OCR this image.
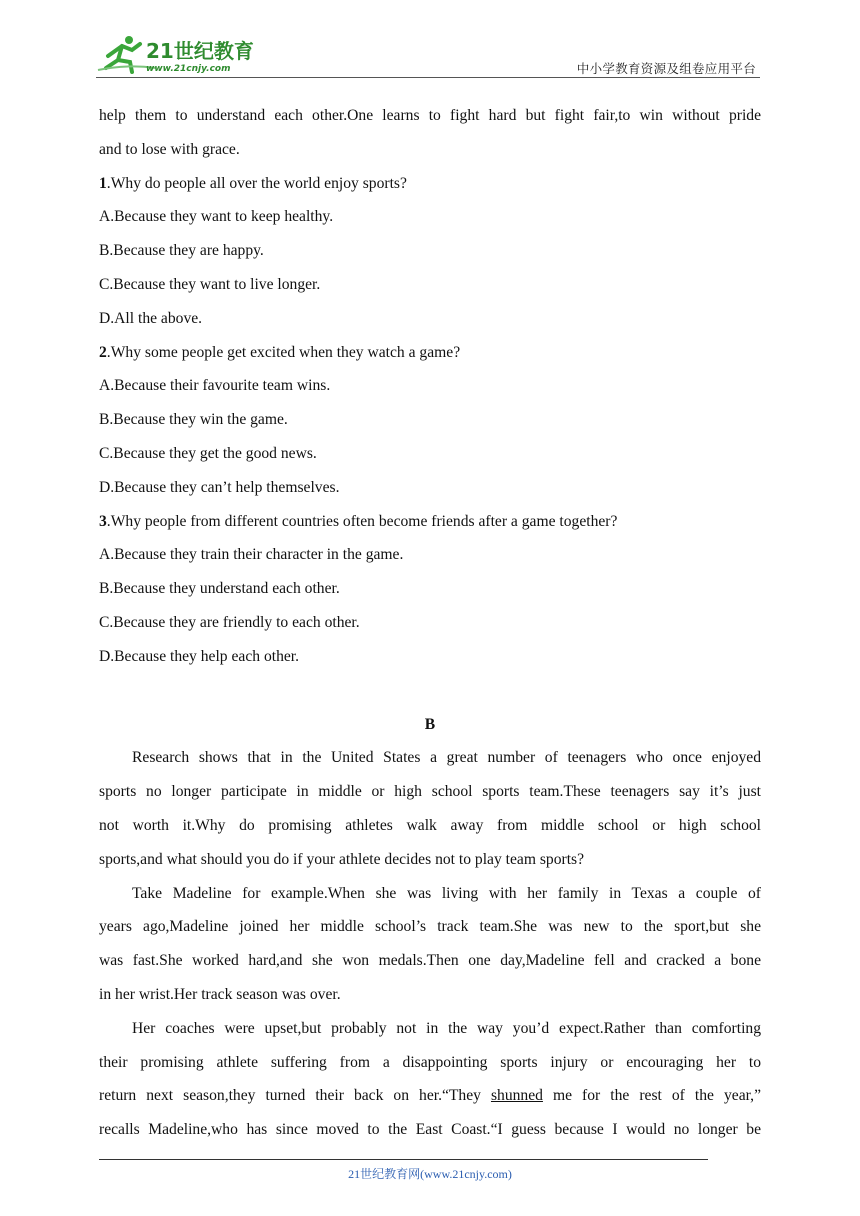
21世纪教育
www.21cnjy.com	中小学教育资源及组卷应用平台
help them to understand each other.One learns to fight hard but fight fair,to win without pride
and to lose with grace.
1.Why do people all over the world enjoy sports?
A.Because they want to keep healthy.
B.Because they are happy.
C.Because they want to live longer.
D.All the above.
2.Why some people get excited when they watch a game?
A.Because their favourite team wins.
B.Because they win the game.
C.Because they get the good news.
D.Because they can’t help themselves.
3.Why people from different countries often become friends after a game together?
A.Because they train their character in the game.
B.Because they understand each other.
C.Because they are friendly to each other.
D.Because they help each other.
B
Research shows that in the United States a great number of teenagers who once enjoyed
sports no longer participate in middle or high school sports team.These teenagers say it’s just
not worth it.Why do promising athletes walk away from middle school or high school
sports,and what should you do if your athlete decides not to play team sports?
Take Madeline for example.When she was living with her family in Texas a couple of
years ago,Madeline joined her middle school’s track team.She was new to the sport,but she
was fast.She worked hard,and she won medals.Then one day,Madeline fell and cracked a bone
in her wrist.Her track season was over.
Her coaches were upset,but probably not in the way you’d expect.Rather than comforting
their promising athlete suffering from a disappointing sports injury or encouraging her to
return next season,they turned their back on her.“They shunned me for the rest of the year,”
recalls Madeline,who has since moved to the East Coast.“I guess because I would no longer be
21世纪教育网(www.21cnjy.com)
